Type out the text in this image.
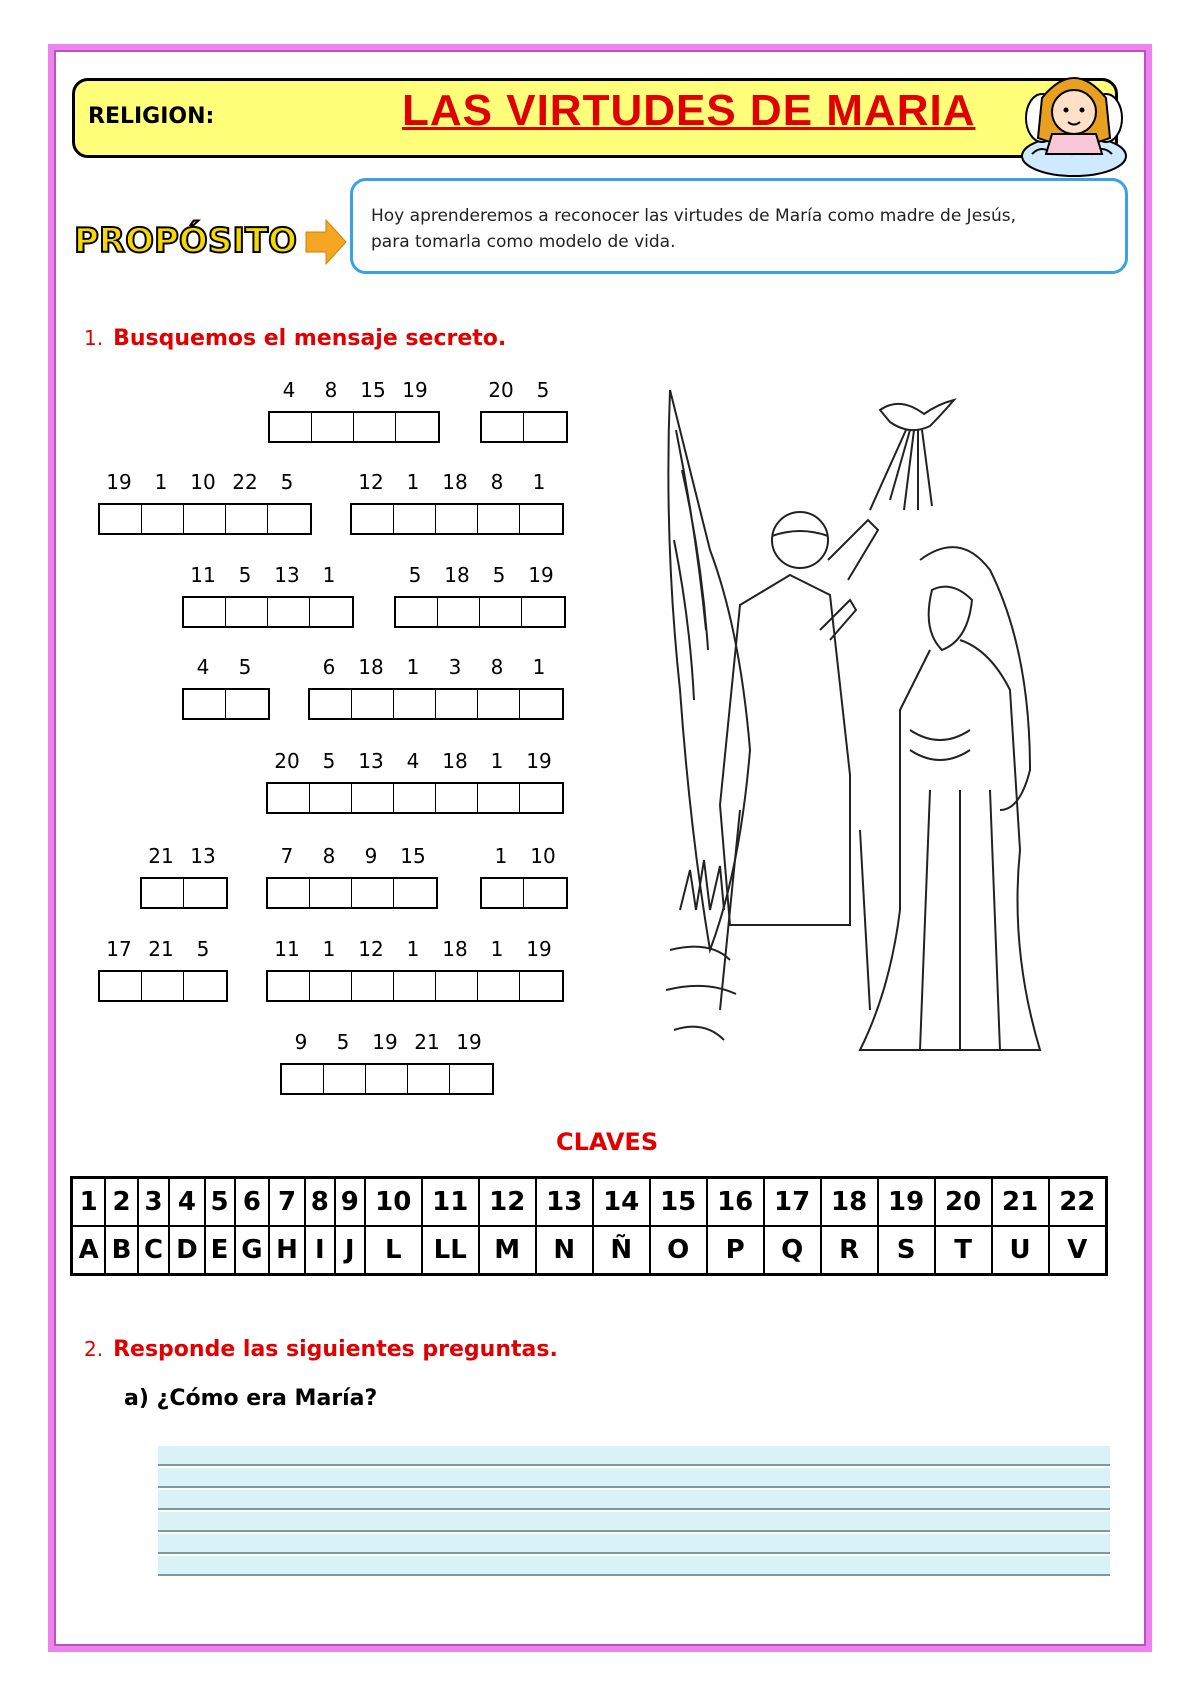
RELIGION:	LAS VIRTUDES DE MARIA
PROPÓSITO
Hoy aprenderemos a reconocer las virtudes de María como madre de Jesús,
para tomarla como modelo de vida.
1. Busquemos el mensaje secreto.
4	8	15 19	20	5
19	1	10 22	5	12	1	18	8	1
11	5	13	1	5	18	5	19
4	5	6	18	1	3	8	1
20	5	13	4	18	1	19
21 13	7	8	9	15	1	10
17 21	5	11	1	12	1	18	1	19
9	5	19 21 19
CLAVES
1	2	3	4	5	6	7	8	9	10	11	12	13	14	15	16	17	18	19	20	21	22
A	B	C	D	E	G	H	I	J	L	LL	M	N	Ñ	O	P	Q	R	S	T	U	V
2. Responde las siguientes preguntas.
a) ¿Cómo era María?
